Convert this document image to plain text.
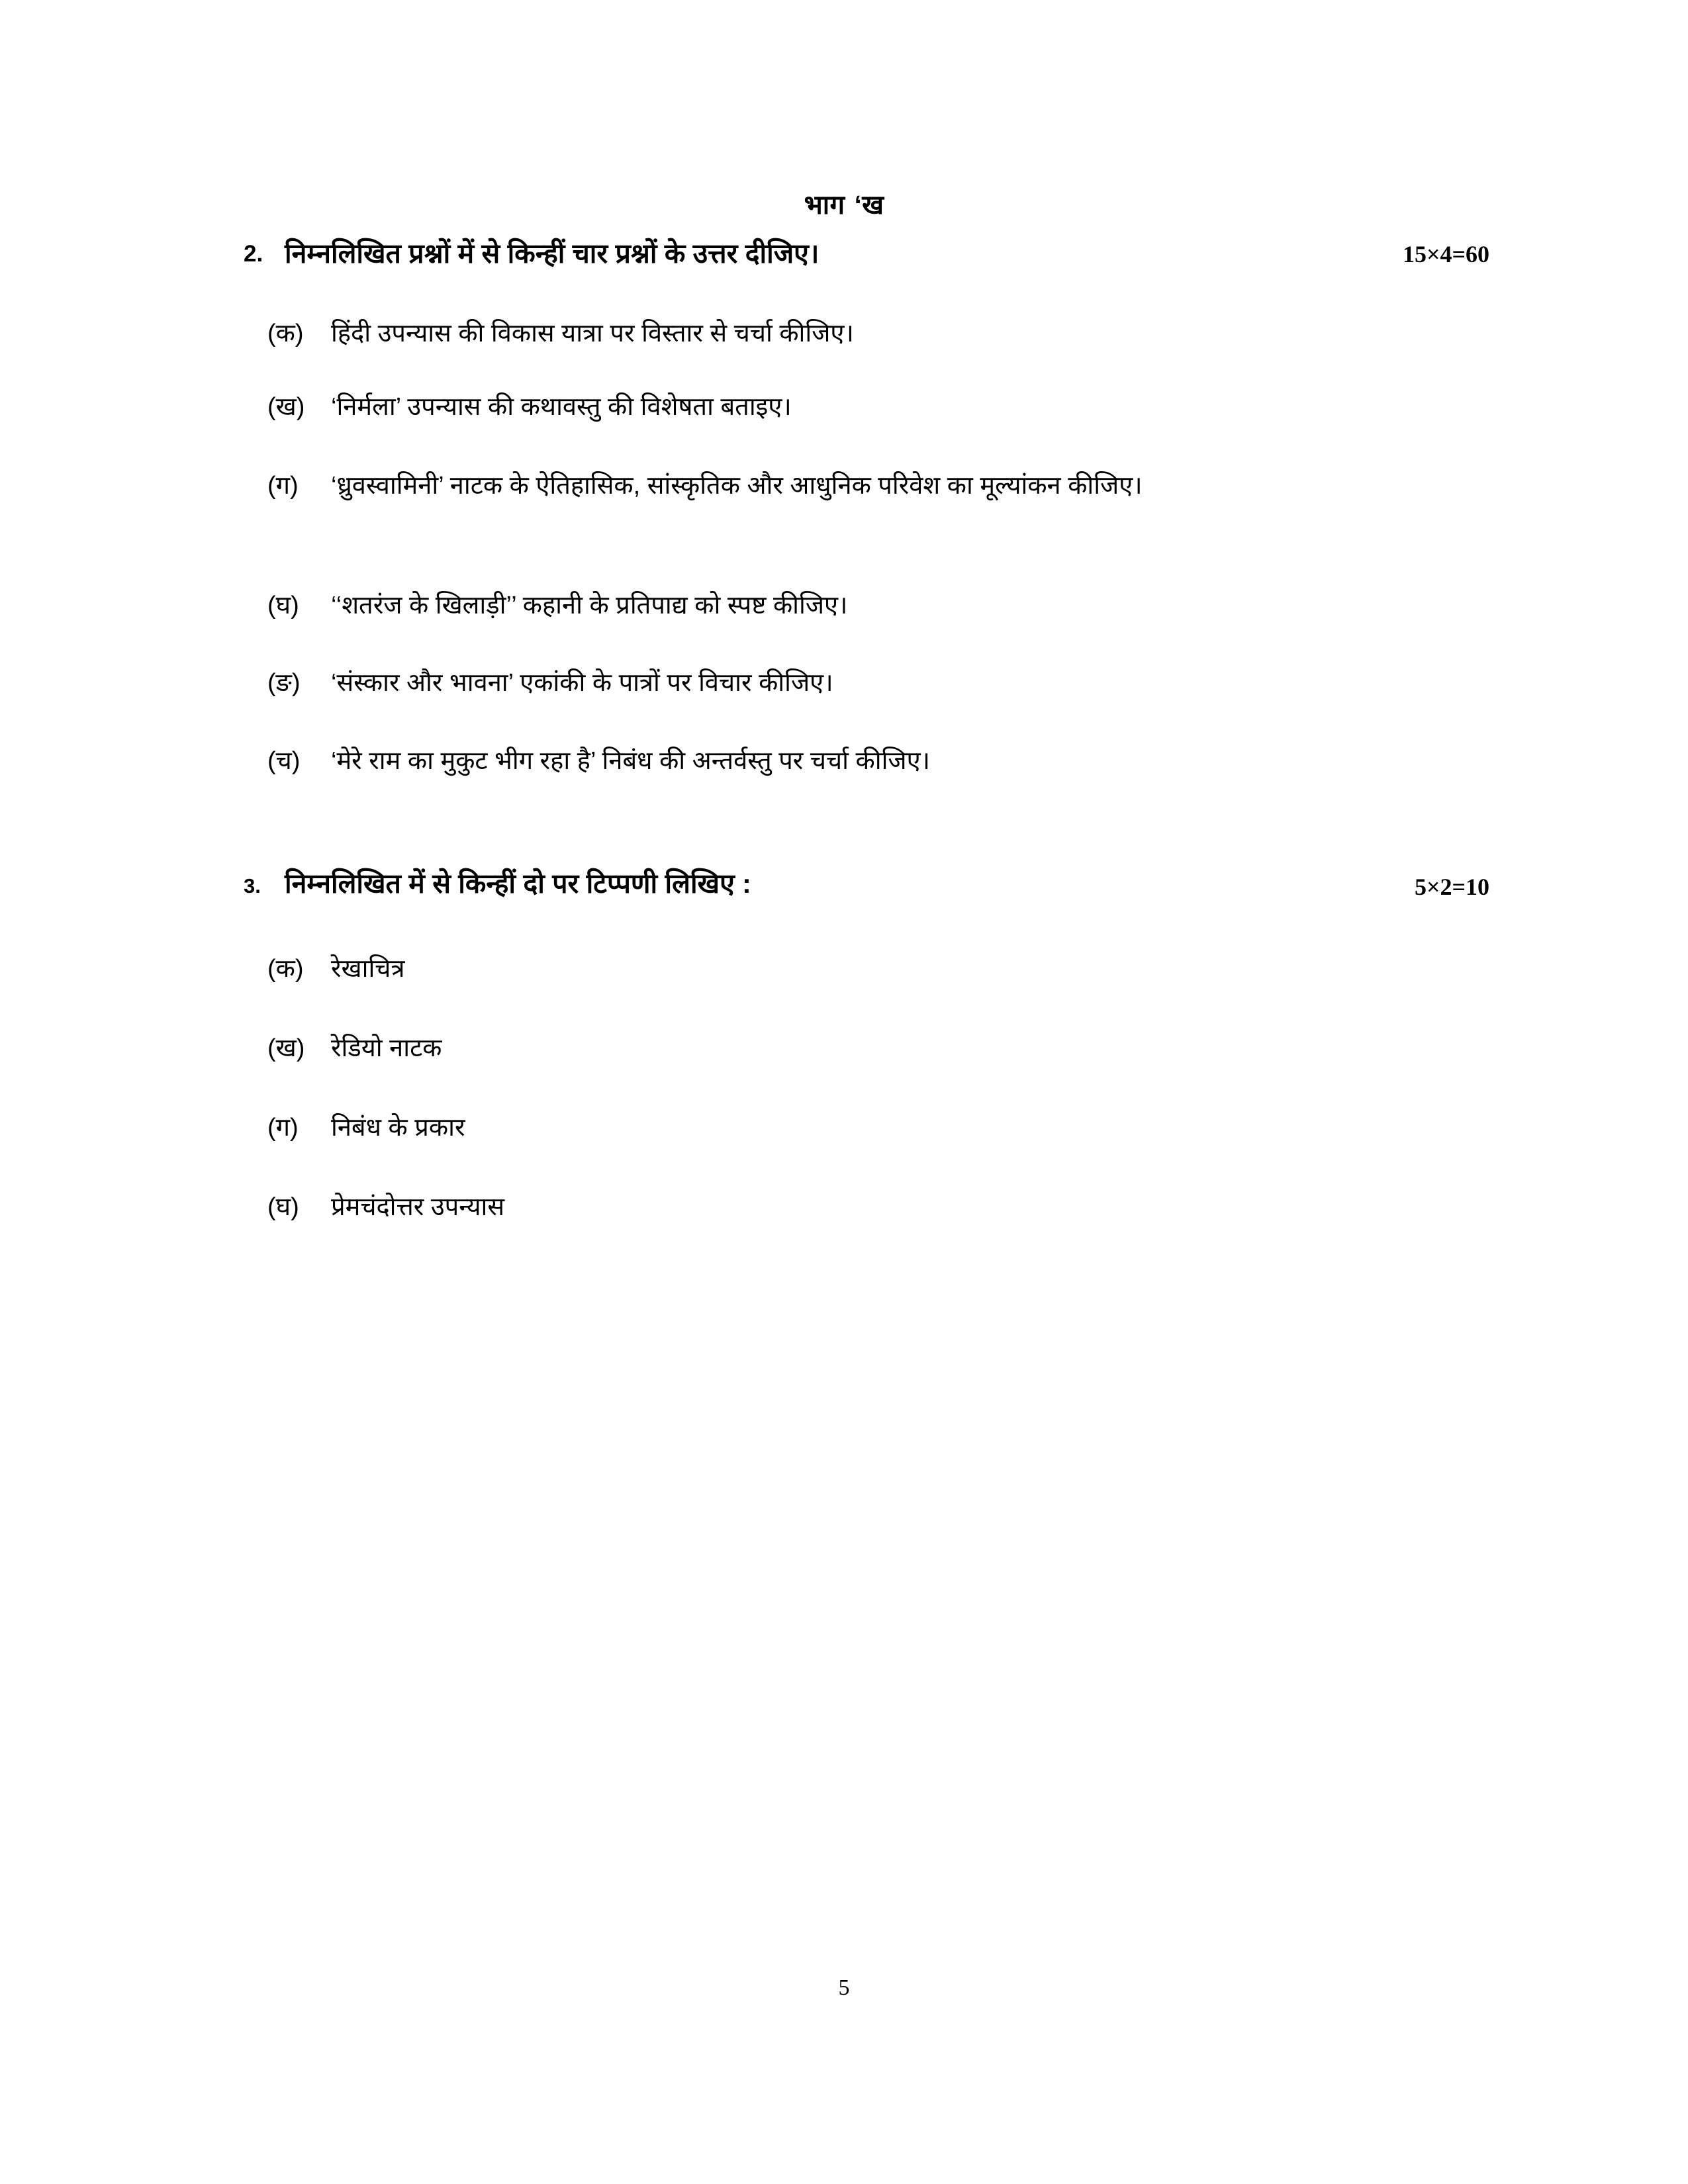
भाग ‘ख
2. निम्नलिखित प्रश्नों में से किन्हीं चार प्रश्नों के उत्तर दीजिए।	15×4=60
(क)	हिंदी उपन्यास की विकास यात्रा पर विस्तार से चर्चा कीजिए।
(ख)	‘निर्मला’ उपन्यास की कथावस्तु की विशेषता बताइए।
(ग)	‘ध्रुवस्वामिनी’ नाटक के ऐतिहासिक, सांस्कृतिक और आधुनिक परिवेश का मूल्यांकन कीजिए।
(घ)	‘‘शतरंज के खिलाड़ी’’ कहानी के प्रतिपाद्य को स्पष्ट कीजिए।
(ङ)	‘संस्कार और भावना’ एकांकी के पात्रों पर विचार कीजिए।
(च)	‘मेरे राम का मुकुट भीग रहा है’ निबंध की अन्तर्वस्तु पर चर्चा कीजिए।
3. निम्नलिखित में से किन्हीं दो पर टिप्पणी लिखिए :	5×2=10
(क)	रेखाचित्र
(ख)	रेडियो नाटक
(ग)	निबंध के प्रकार
(घ)	प्रेमचंदोत्तर उपन्यास
5
